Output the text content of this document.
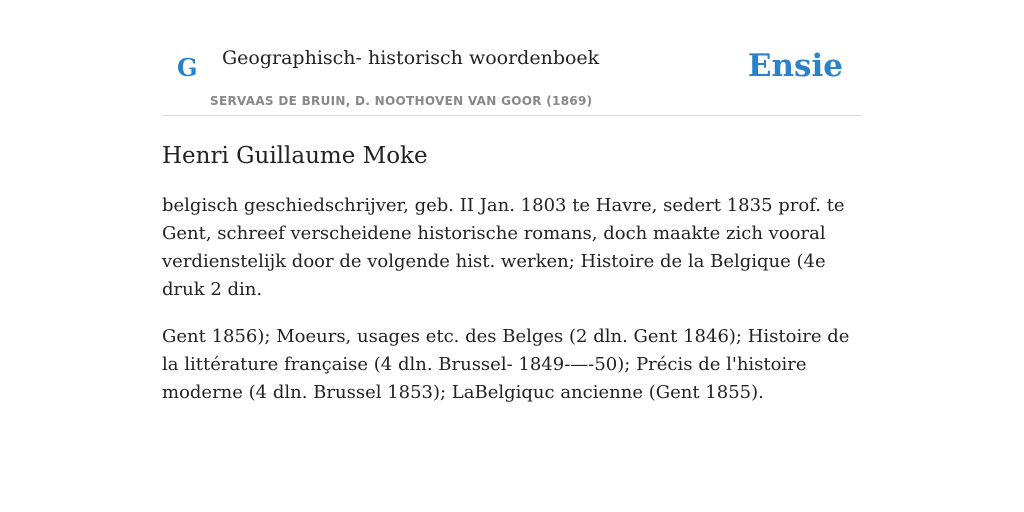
G Geographisch- historisch woordenboek
SERVAAS DE BRUIN, D. NOOTHOVEN VAN GOOR (1869)
Ensie
Henri Guillaume Moke

belgisch geschiedschrijver, geb. II Jan. 1803 te Havre, sedert 1835 prof. te Gent, schreef verscheidene historische romans, doch maakte zich vooral verdienstelijk door de volgende hist. werken; Histoire de la Belgique (4e druk 2 din.

Gent 1856); Moeurs, usages etc. des Belges (2 dln. Gent 1846); Histoire de la littérature française (4 dln. Brussel- 1849-—-50); Précis de l'histoire moderne (4 dln. Brussel 1853); LaBelgiquc ancienne (Gent 1855).
